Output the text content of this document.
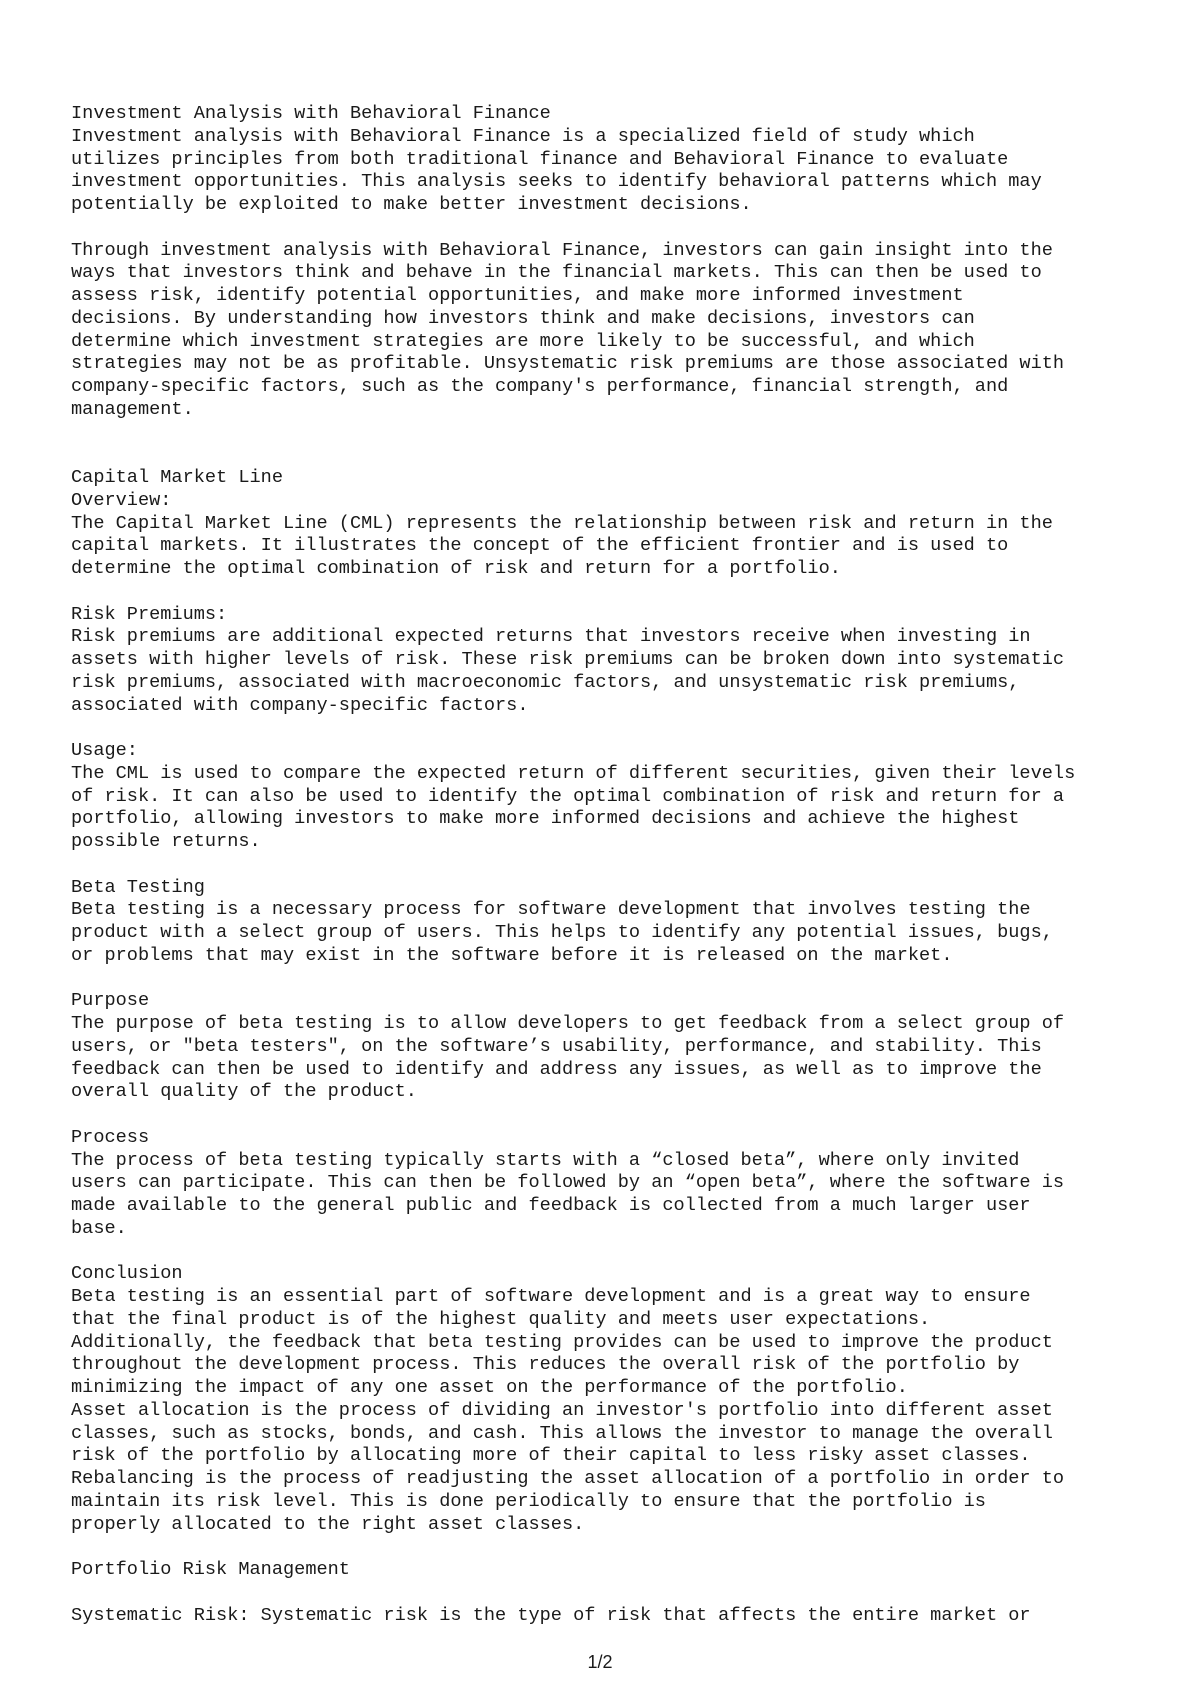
Investment Analysis with Behavioral Finance
Investment analysis with Behavioral Finance is a specialized field of study which
utilizes principles from both traditional finance and Behavioral Finance to evaluate
investment opportunities. This analysis seeks to identify behavioral patterns which may
potentially be exploited to make better investment decisions.

Through investment analysis with Behavioral Finance, investors can gain insight into the
ways that investors think and behave in the financial markets. This can then be used to
assess risk, identify potential opportunities, and make more informed investment
decisions. By understanding how investors think and make decisions, investors can
determine which investment strategies are more likely to be successful, and which
strategies may not be as profitable. Unsystematic risk premiums are those associated with
company-specific factors, such as the company's performance, financial strength, and
management.

Capital Market Line
Overview:
The Capital Market Line (CML) represents the relationship between risk and return in the
capital markets. It illustrates the concept of the efficient frontier and is used to
determine the optimal combination of risk and return for a portfolio.

Risk Premiums:
Risk premiums are additional expected returns that investors receive when investing in
assets with higher levels of risk. These risk premiums can be broken down into systematic
risk premiums, associated with macroeconomic factors, and unsystematic risk premiums,
associated with company-specific factors.

Usage:
The CML is used to compare the expected return of different securities, given their levels
of risk. It can also be used to identify the optimal combination of risk and return for a
portfolio, allowing investors to make more informed decisions and achieve the highest
possible returns.

Beta Testing
Beta testing is a necessary process for software development that involves testing the
product with a select group of users. This helps to identify any potential issues, bugs,
or problems that may exist in the software before it is released on the market.

Purpose
The purpose of beta testing is to allow developers to get feedback from a select group of
users, or "beta testers", on the software’s usability, performance, and stability. This
feedback can then be used to identify and address any issues, as well as to improve the
overall quality of the product.

Process
The process of beta testing typically starts with a “closed beta”, where only invited
users can participate. This can then be followed by an “open beta”, where the software is
made available to the general public and feedback is collected from a much larger user
base.

Conclusion
Beta testing is an essential part of software development and is a great way to ensure
that the final product is of the highest quality and meets user expectations.
Additionally, the feedback that beta testing provides can be used to improve the product
throughout the development process. This reduces the overall risk of the portfolio by
minimizing the impact of any one asset on the performance of the portfolio.
Asset allocation is the process of dividing an investor's portfolio into different asset
classes, such as stocks, bonds, and cash. This allows the investor to manage the overall
risk of the portfolio by allocating more of their capital to less risky asset classes.
Rebalancing is the process of readjusting the asset allocation of a portfolio in order to
maintain its risk level. This is done periodically to ensure that the portfolio is
properly allocated to the right asset classes.

Portfolio Risk Management

Systematic Risk: Systematic risk is the type of risk that affects the entire market or

1/2
